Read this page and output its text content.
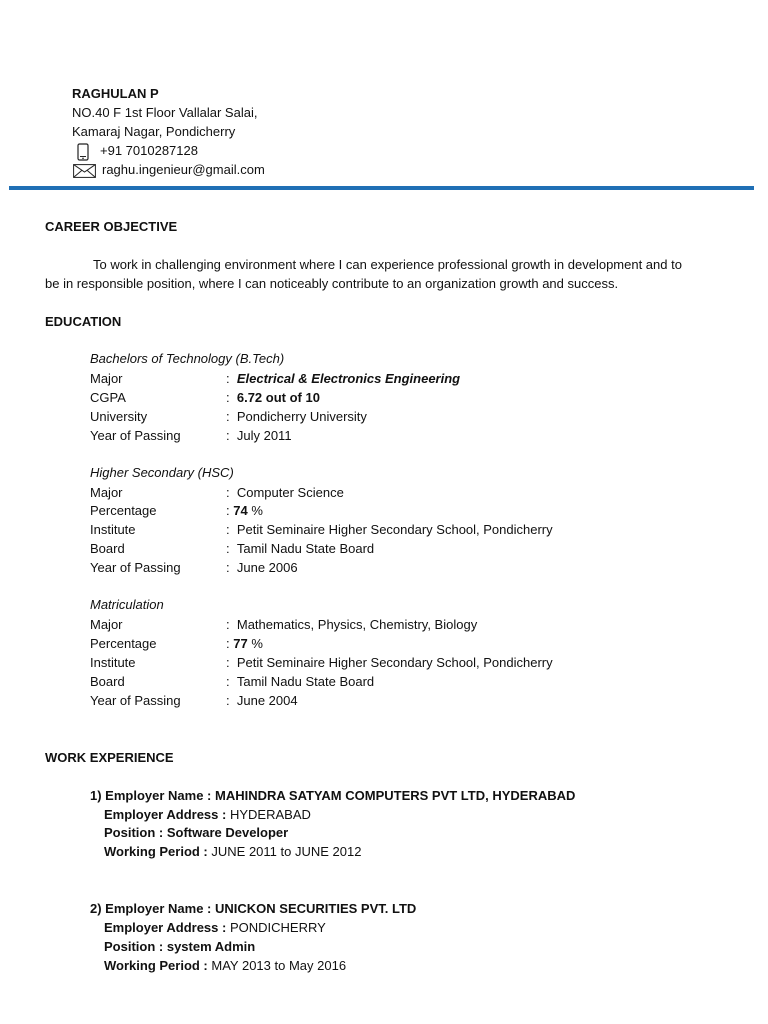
RAGHULAN P
NO.40 F 1st Floor Vallalar Salai,
Kamaraj Nagar, Pondicherry
+91 7010287128
raghu.ingenieur@gmail.com
CAREER OBJECTIVE
To work in challenging environment where I can experience professional growth in development and to
be in responsible position, where I can noticeably contribute to an organization growth and success.
EDUCATION
Bachelors of Technology (B.Tech)
Major	: Electrical & Electronics Engineering
CGPA	: 6.72 out of 10
University	: Pondicherry University
Year of Passing	: July 2011
Higher Secondary (HSC)
Major	: Computer Science
Percentage	: 74 %
Institute	: Petit Seminaire Higher Secondary School, Pondicherry
Board	: Tamil Nadu State Board
Year of Passing	: June 2006
Matriculation
Major	: Mathematics, Physics, Chemistry, Biology
Percentage	: 77 %
Institute	: Petit Seminaire Higher Secondary School, Pondicherry
Board	: Tamil Nadu State Board
Year of Passing	: June 2004
WORK EXPERIENCE
1) Employer Name : MAHINDRA SATYAM COMPUTERS PVT LTD, HYDERABAD
Employer Address : HYDERABAD
Position : Software Developer
Working Period : JUNE 2011 to JUNE 2012
2) Employer Name : UNICKON SECURITIES PVT. LTD
Employer Address : PONDICHERRY
Position : system Admin
Working Period : MAY 2013 to May 2016
